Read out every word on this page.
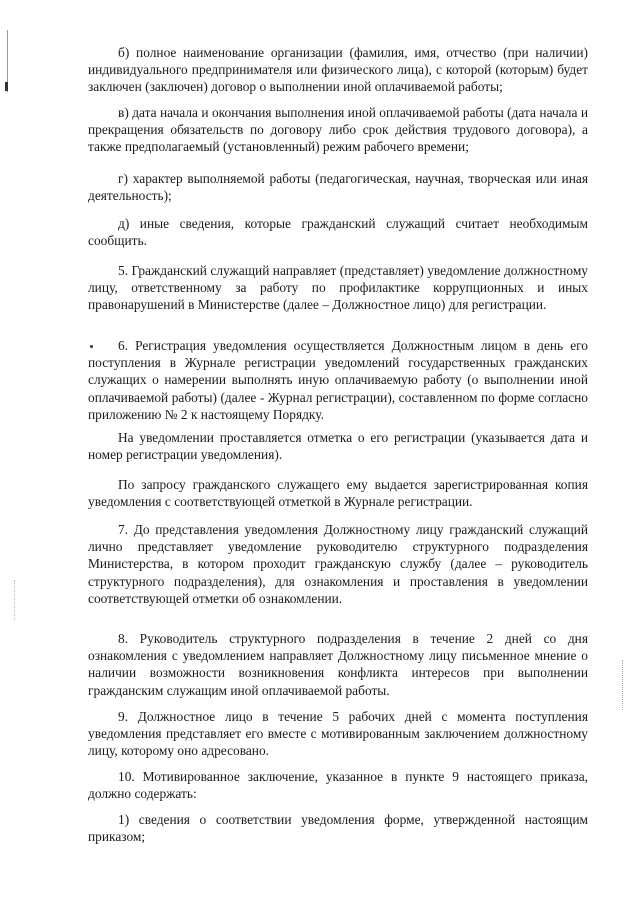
б) полное наименование организации (фамилия, имя, отчество (при наличии) индивидуального предпринимателя или физического лица), с которой (которым) будет заключен (заключен) договор о выполнении иной оплачиваемой работы;

в) дата начала и окончания выполнения иной оплачиваемой работы (дата начала и прекращения обязательств по договору либо срок действия трудового договора), а также предполагаемый (установленный) режим рабочего времени;

г) характер выполняемой работы (педагогическая, научная, творческая или иная деятельность);

д) иные сведения, которые гражданский служащий считает необходимым сообщить.

5. Гражданский служащий направляет (представляет) уведомление должностному лицу, ответственному за работу по профилактике коррупционных и иных правонарушений в Министерстве (далее – Должностное лицо) для регистрации.

6. Регистрация уведомления осуществляется Должностным лицом в день его поступления в Журнале регистрации уведомлений государственных гражданских служащих о намерении выполнять иную оплачиваемую работу (о выполнении иной оплачиваемой работы) (далее - Журнал регистрации), составленном по форме согласно приложению № 2 к настоящему Порядку.

На уведомлении проставляется отметка о его регистрации (указывается дата и номер регистрации уведомления).

По запросу гражданского служащего ему выдается зарегистрированная копия уведомления с соответствующей отметкой в Журнале регистрации.

7. До представления уведомления Должностному лицу гражданский служащий лично представляет уведомление руководителю структурного подразделения Министерства, в котором проходит гражданскую службу (далее – руководитель структурного подразделения), для ознакомления и проставления в уведомлении соответствующей отметки об ознакомлении.

8. Руководитель структурного подразделения в течение 2 дней со дня ознакомления с уведомлением направляет Должностному лицу письменное мнение о наличии возможности возникновения конфликта интересов при выполнении гражданским служащим иной оплачиваемой работы.

9. Должностное лицо в течение 5 рабочих дней с момента поступления уведомления представляет его вместе с мотивированным заключением должностному лицу, которому оно адресовано.

10. Мотивированное заключение, указанное в пункте 9 настоящего приказа, должно содержать:

1) сведения о соответствии уведомления форме, утвержденной настоящим приказом;
